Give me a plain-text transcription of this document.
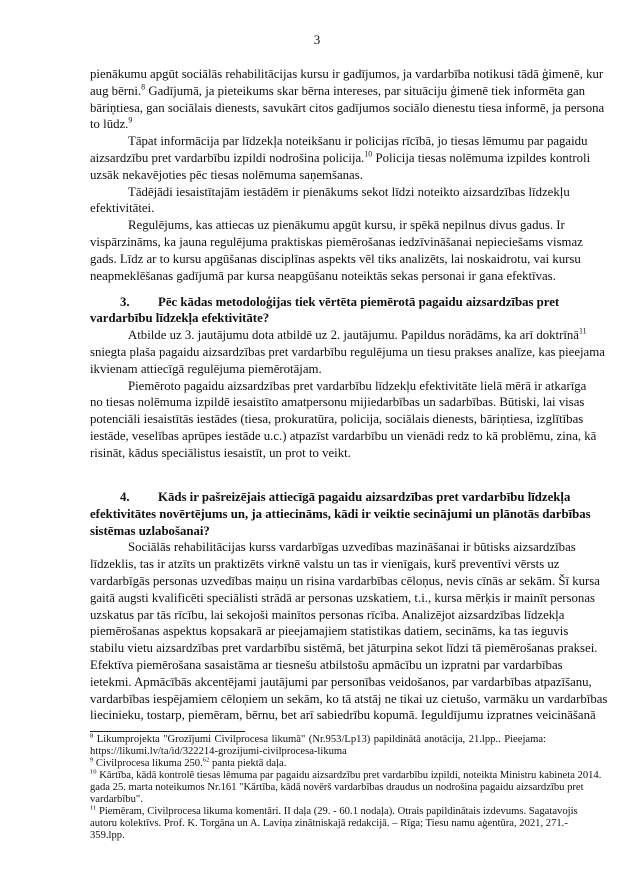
3
pienākumu apgūt sociālās rehabilitācijas kursu ir gadījumos, ja vardarbība notikusi tādā ģimenē, kur
aug bērni.$^8$ Gadījumā, ja pieteikums skar bērna intereses, par situāciju ģimenē tiek informēta gan
bāriņtiesa, gan sociālais dienests, savukārt citos gadījumos sociālo dienestu tiesa informē, ja persona
to lūdz.$^9$
Tāpat informācija par līdzekļa noteikšanu ir policijas rīcībā, jo tiesas lēmumu par pagaidu
aizsardzību pret vardarbību izpildi nodrošina policija.$^{10}$ Policija tiesas nolēmuma izpildes kontroli
uzsāk nekavējoties pēc tiesas nolēmuma saņemšanas.
Tādējādi iesaistītajām iestādēm ir pienākums sekot līdzi noteikto aizsardzības līdzekļu
efektivitātei.
Regulējums, kas attiecas uz pienākumu apgūt kursu, ir spēkā nepilnus divus gadus. Ir
vispārzināms, ka jauna regulējuma praktiskas piemērošanas iedzīvināšanai nepieciešams vismaz
gads. Līdz ar to kursu apgūšanas disciplīnas aspekts vēl tiks analizēts, lai noskaidrotu, vai kursu
neapmeklēšanas gadījumā par kursa neapgūšanu noteiktās sekas personai ir gana efektīvas.
3. Pēc kādas metodoloģijas tiek vērtēta piemērotā pagaidu aizsardzības pret
vardarbību līdzekļa efektivitāte?
Atbilde uz 3. jautājumu dota atbildē uz 2. jautājumu. Papildus norādāms, ka arī doktrīnā$^{11}$
sniegta plaša pagaidu aizsardzības pret vardarbību regulējuma un tiesu prakses analīze, kas pieejama
ikvienam attiecīgā regulējuma piemērotājam.
Piemēroto pagaidu aizsardzības pret vardarbību līdzekļu efektivitāte lielā mērā ir atkarīga
no tiesas nolēmuma izpildē iesaistīto amatpersonu mijiedarbības un sadarbības. Būtiski, lai visas
potenciāli iesaistītās iestādes (tiesa, prokuratūra, policija, sociālais dienests, bāriņtiesa, izglītības
iestāde, veselības aprūpes iestāde u.c.) atpazīst vardarbību un vienādi redz to kā problēmu, zina, kā
risināt, kādus speciālistus iesaistīt, un prot to veikt.
4. Kāds ir pašreizējais attiecīgā pagaidu aizsardzības pret vardarbību līdzekļa
efektivitātes novērtējums un, ja attiecināms, kādi ir veiktie secinājumi un plānotās darbības
sistēmas uzlabošanai?
Sociālās rehabilitācijas kurss vardarbīgas uzvedības mazināšanai ir būtisks aizsardzības
līdzeklis, tas ir atzīts un praktizēts virknē valstu un tas ir vienīgais, kurš preventīvi vērsts uz
vardarbīgās personas uzvedības maiņu un risina vardarbības cēloņus, nevis cīnās ar sekām. Šī kursa
gaitā augsti kvalificēti speciālisti strādā ar personas uzskatiem, t.i., kursa mērķis ir mainīt personas
uzskatus par tās rīcību, lai sekojoši mainītos personas rīcība. Analizējot aizsardzības līdzekļa
piemērošanas aspektus kopsakarā ar pieejamajiem statistikas datiem, secināms, ka tas ieguvis
stabilu vietu aizsardzības pret vardarbību sistēmā, bet jāturpina sekot līdzi tā piemērošanas praksei.
Efektīva piemērošana sasaistāma ar tiesnešu atbilstošu apmācību un izpratni par vardarbības
ietekmi. Apmācībās akcentējami jautājumi par personības veidošanos, par vardarbības atpazīšanu,
vardarbības iespējamiem cēloņiem un sekām, ko tā atstāj ne tikai uz cietušo, varmāku un vardarbības
liecinieku, tostarp, piemēram, bērnu, bet arī sabiedrību kopumā. Ieguldījumu izpratnes veicināšanā
$^8$ Likumprojekta "Grozījumi Civilprocesa likumā" (Nr.953/Lp13) papildinātā anotācija, 21.lpp.. Pieejama:
https://likumi.lv/ta/id/322214-grozijumi-civilprocesa-likuma
$^9$ Civilprocesa likuma 250.62 panta piektā daļa.
$^{10}$ Kārtība, kādā kontrolē tiesas lēmuma par pagaidu aizsardzību pret vardarbību izpildi, noteikta Ministru kabineta 2014.
gada 25. marta noteikumos Nr.161 "Kārtība, kādā novērš vardarbības draudus un nodrošina pagaidu aizsardzību pret
vardarbību".
$^{11}$ Piemēram, Civilprocesa likuma komentāri. II daļa (29. - 60.1 nodaļa). Otrais papildinātais izdevums. Sagatavojis
autoru kolektīvs. Prof. K. Torgāna un A. Laviņa zinātniskajā redakcijā. – Rīga; Tiesu namu aģentūra, 2021, 271.-
359.lpp.
